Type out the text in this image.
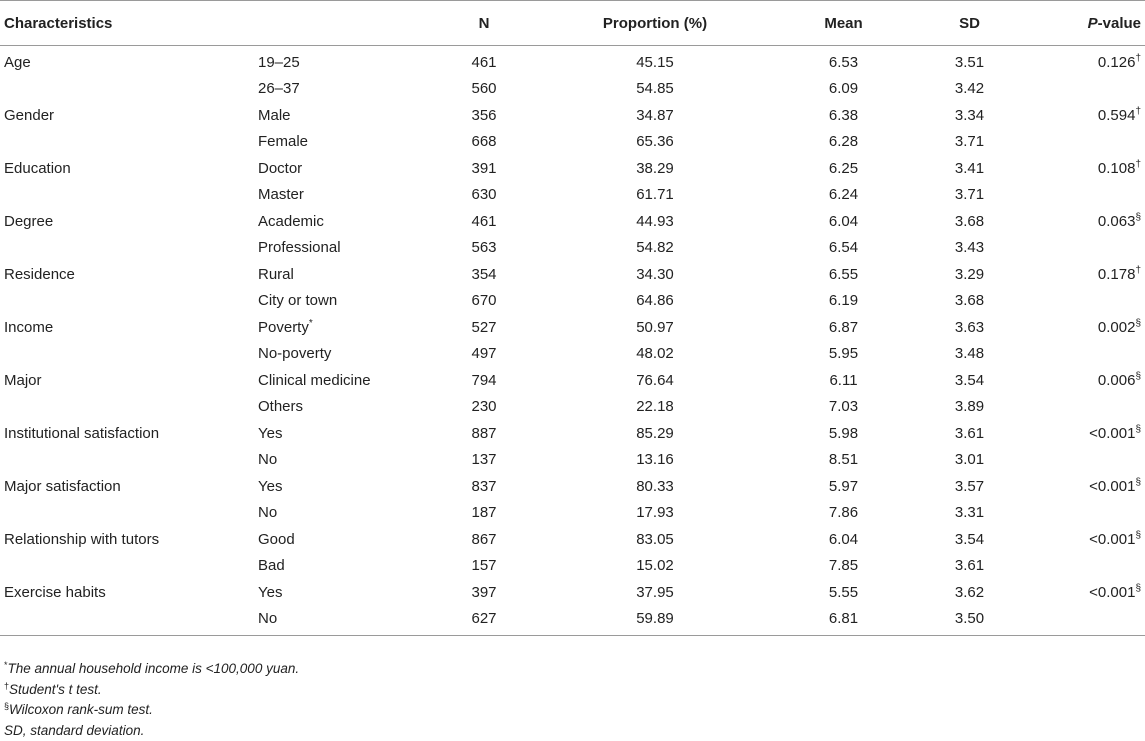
Characteristics		N	Proportion (%)	Mean	SD	P-value
Age	19–25	461	45.15	6.53	3.51	0.126†
	26–37	560	54.85	6.09	3.42	
Gender	Male	356	34.87	6.38	3.34	0.594†
	Female	668	65.36	6.28	3.71	
Education	Doctor	391	38.29	6.25	3.41	0.108†
	Master	630	61.71	6.24	3.71	
Degree	Academic	461	44.93	6.04	3.68	0.063§
	Professional	563	54.82	6.54	3.43	
Residence	Rural	354	34.30	6.55	3.29	0.178†
	City or town	670	64.86	6.19	3.68	
Income	Poverty*	527	50.97	6.87	3.63	0.002§
	No-poverty	497	48.02	5.95	3.48	
Major	Clinical medicine	794	76.64	6.11	3.54	0.006§
	Others	230	22.18	7.03	3.89	
Institutional satisfaction	Yes	887	85.29	5.98	3.61	<0.001§
	No	137	13.16	8.51	3.01	
Major satisfaction	Yes	837	80.33	5.97	3.57	<0.001§
	No	187	17.93	7.86	3.31	
Relationship with tutors	Good	867	83.05	6.04	3.54	<0.001§
	Bad	157	15.02	7.85	3.61	
Exercise habits	Yes	397	37.95	5.55	3.62	<0.001§
	No	627	59.89	6.81	3.50	
*The annual household income is <100,000 yuan.
†Student's t test.
§Wilcoxon rank-sum test.
SD, standard deviation.
